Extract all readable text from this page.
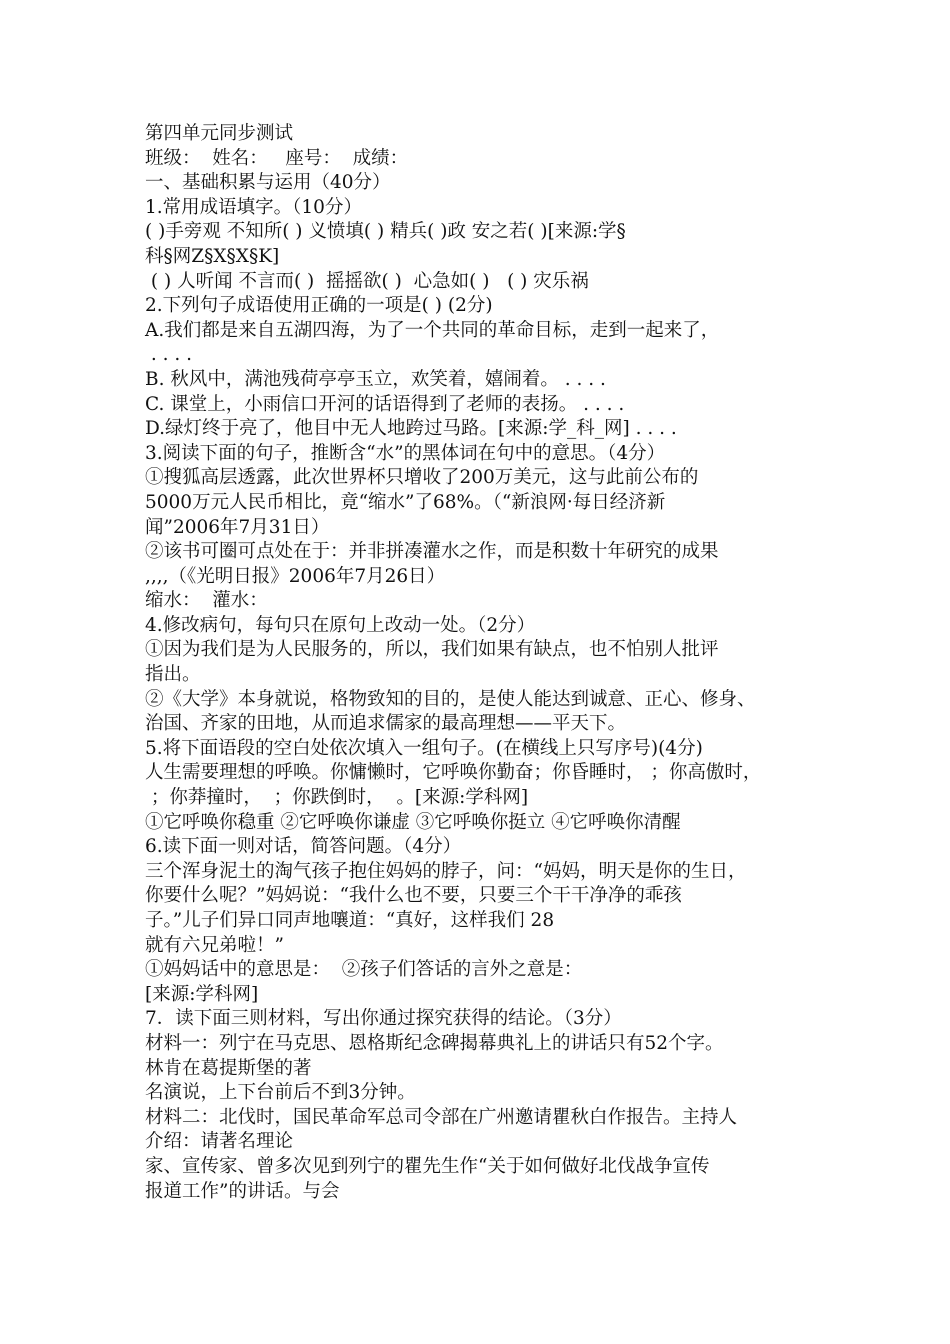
第四单元同步测试
班级：  姓名：   座号：  成绩：
一、基础积累与运用（40分）
1.常用成语填字。（10分）
( )手旁观 不知所( ) 义愤填( ) 精兵( )政 安之若( )[来源:学§
科§网Z§X§X§K]
( ) 人听闻 不言而( )  摇摇欲( )  心急如( )   ( ) 灾乐祸
2.下列句子成语使用正确的一项是( ) (2分)
A.我们都是来自五湖四海，为了一个共同的革命目标，走到一起来了，
. . . .
B. 秋风中，满池残荷亭亭玉立，欢笑着，嬉闹着。 . . . .
C. 课堂上，小雨信口开河的话语得到了老师的表扬。 . . . .
D.绿灯终于亮了，他目中无人地跨过马路。[来源:学_科_网] . . . .
3.阅读下面的句子，推断含“水”的黑体词在句中的意思。（4分）
①搜狐高层透露，此次世界杯只增收了200万美元，这与此前公布的
5000万元人民币相比，竟“缩水”了68%。（“新浪网·每日经济新
闻”2006年7月31日）
②该书可圈可点处在于：并非拼凑灌水之作，而是积数十年研究的成果
,,,,（《光明日报》2006年7月26日）
缩水：  灌水：
4.修改病句，每句只在原句上改动一处。（2分）
①因为我们是为人民服务的，所以，我们如果有缺点，也不怕别人批评
指出。
②《大学》本身就说，格物致知的目的，是使人能达到诚意、正心、修身、
治国、齐家的田地，从而追求儒家的最高理想——平天下。
5.将下面语段的空白处依次填入一组句子。(在横线上只写序号)(4分)
人生需要理想的呼唤。你慵懒时，它呼唤你勤奋；你昏睡时， ；你高傲时，
；你莽撞时，  ；你跌倒时，  。[来源:学科网]
①它呼唤你稳重 ②它呼唤你谦虚 ③它呼唤你挺立 ④它呼唤你清醒
6.读下面一则对话，简答问题。（4分）
三个浑身泥土的淘气孩子抱住妈妈的脖子，问：“妈妈，明天是你的生日，
你要什么呢？”妈妈说：“我什么也不要，只要三个干干净净的乖孩
子。”儿子们异口同声地嚷道：“真好，这样我们 28
就有六兄弟啦！”
①妈妈话中的意思是：  ②孩子们答话的言外之意是：
[来源:学科网]
7．读下面三则材料，写出你通过探究获得的结论。（3分）
材料一：列宁在马克思、恩格斯纪念碑揭幕典礼上的讲话只有52个字。
林肯在葛提斯堡的著
名演说，上下台前后不到3分钟。
材料二：北伐时，国民革命军总司令部在广州邀请瞿秋白作报告。主持人
介绍：请著名理论
家、宣传家、曾多次见到列宁的瞿先生作“关于如何做好北伐战争宣传
报道工作”的讲话。与会
